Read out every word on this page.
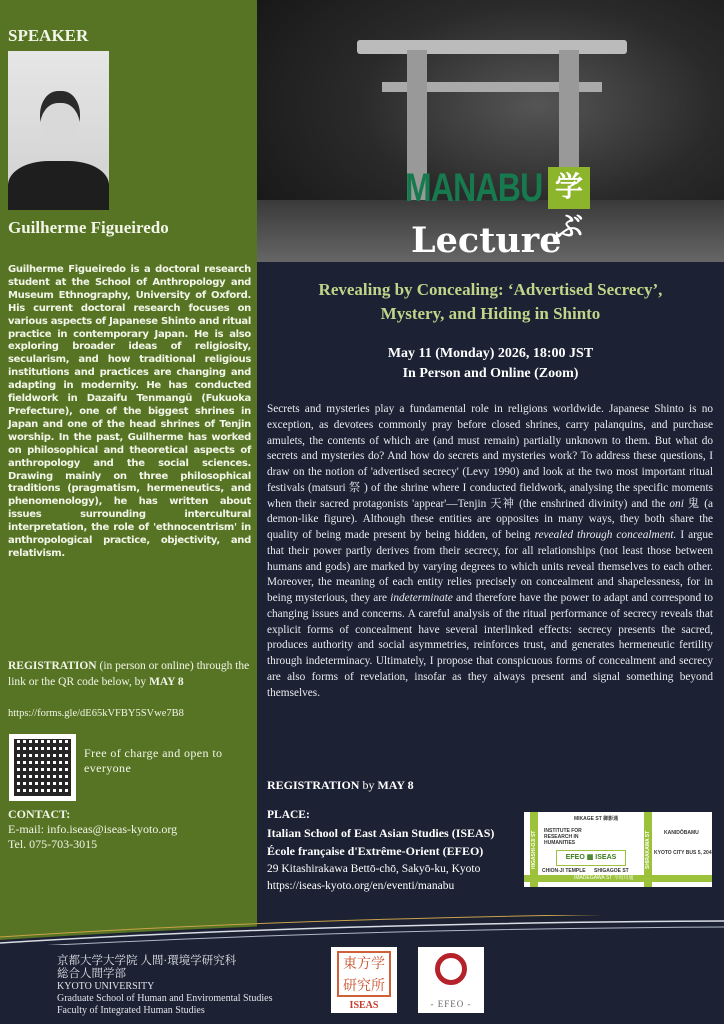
SPEAKER
Guilherme Figueiredo
Guilherme Figueiredo is a doctoral research student at the School of Anthropology and Museum Ethnography, University of Oxford. His current doctoral research focuses on various aspects of Japanese Shinto and ritual practice in contemporary Japan. He is also exploring broader ideas of religiosity, secularism, and how traditional religious institutions and practices are changing and adapting in modernity. He has conducted fieldwork in Dazaifu Tenmangū (Fukuoka Prefecture), one of the biggest shrines in Japan and one of the head shrines of Tenjin worship. In the past, Guilherme has worked on philosophical and theoretical aspects of anthropology and the social sciences. Drawing mainly on three philosophical traditions (pragmatism, hermeneutics, and phenomenology), he has written about issues surrounding intercultural interpretation, the role of 'ethnocentrism' in anthropological practice, objectivity, and relativism.
REGISTRATION (in person or online) through the link or the QR code below, by MAY 8
https://forms.gle/dE65kVFBY5SVwe7B8
Free of charge and open to everyone
CONTACT:
E-mail: info.iseas@iseas-kyoto.org
Tel. 075-703-3015
MANABU 学ぶ
Lecture
Revealing by Concealing: ‘Advertised Secrecy’,
Mystery, and Hiding in Shinto
May 11 (Monday) 2026, 18:00 JST
In Person and Online (Zoom)
Secrets and mysteries play a fundamental role in religions worldwide. Japanese Shinto is no exception, as devotees commonly pray before closed shrines, carry palanquins, and purchase amulets, the contents of which are (and must remain) partially unknown to them. But what do secrets and mysteries do? And how do secrets and mysteries work? To address these questions, I draw on the notion of 'advertised secrecy' (Levy 1990) and look at the two most important ritual festivals (matsuri 祭 ) of the shrine where I conducted fieldwork, analysing the specific moments when their sacred protagonists 'appear'—Tenjin 天神 (the enshrined divinity) and the oni 鬼 (a demon-like figure). Although these entities are opposites in many ways, they both share the quality of being made present by being hidden, of being revealed through concealment. I argue that their power partly derives from their secrecy, for all relationships (not least those between humans and gods) are marked by varying degrees to which units reveal themselves to each other. Moreover, the meaning of each entity relies precisely on concealment and shapelessness, for in being mysterious, they are indeterminate and therefore have the power to adapt and correspond to changing issues and concerns. A careful analysis of the ritual performance of secrecy reveals that explicit forms of concealment have several interlinked effects: secrecy presents the sacred, produces authority and social asymmetries, reinforces trust, and generates hermeneutic fertility through indeterminacy. Ultimately, I propose that conspicuous forms of concealment and secrecy are also forms of revelation, insofar as they always present and signal something beyond themselves.
REGISTRATION by MAY 8
PLACE:
Italian School of East Asian Studies (ISEAS)
École française d'Extrême-Orient (EFEO)
29 Kitashirakawa Bettō-chō, Sakyō-ku, Kyoto
https://iseas-kyoto.org/en/eventi/manabu
MIKAGE ST 御影通
HIGASHI-OJI ST	SHIRAKAWA ST
IMADEGAWA ST 今出川通
INSTITUTE FOR RESEARCH IN HUMANITIES
KANIDŌBAMU
KYOTO CITY BUS 5, 204
CHION-JI TEMPLE SHIGAGOE ST
EFEO ▦ ISEAS
京都大学大学院 人間·環境学研究科
総合人間学部
KYOTO UNIVERSITY
Graduate School of Human and Enviromental Studies
Faculty of Integrated Human Studies
東方学研究所
ISEAS	- EFEO -
